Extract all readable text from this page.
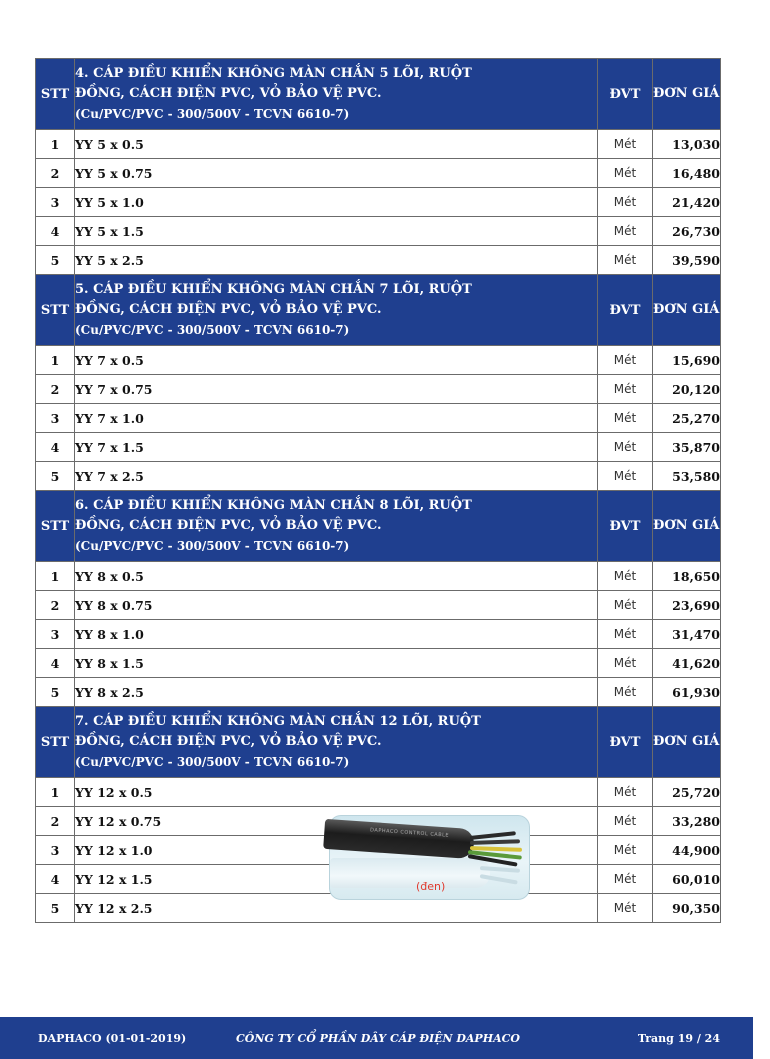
STT	4. CÁP ĐIỀU KHIỂN KHÔNG MÀN CHẮN 5 LÕI, RUỘT
ĐỒNG, CÁCH ĐIỆN PVC, VỎ BẢO VỆ PVC.
(Cu/PVC/PVC - 300/500V - TCVN 6610-7)	ĐVT	ĐƠN GIÁ (VNĐ)
1	YY 5 x 0.5	Mét	13,030
2	YY 5 x 0.75	Mét	16,480
3	YY 5 x 1.0	Mét	21,420
4	YY 5 x 1.5	Mét	26,730
5	YY 5 x 2.5	Mét	39,590
STT	5. CÁP ĐIỀU KHIỂN KHÔNG MÀN CHẮN 7 LÕI, RUỘT
ĐỒNG, CÁCH ĐIỆN PVC, VỎ BẢO VỆ PVC.
(Cu/PVC/PVC - 300/500V - TCVN 6610-7)	ĐVT	ĐƠN GIÁ (VNĐ)
1	YY 7 x 0.5	Mét	15,690
2	YY 7 x 0.75	Mét	20,120
3	YY 7 x 1.0	Mét	25,270
4	YY 7 x 1.5	Mét	35,870
5	YY 7 x 2.5	Mét	53,580
STT	6. CÁP ĐIỀU KHIỂN KHÔNG MÀN CHẮN 8 LÕI, RUỘT
ĐỒNG, CÁCH ĐIỆN PVC, VỎ BẢO VỆ PVC.
(Cu/PVC/PVC - 300/500V - TCVN 6610-7)	ĐVT	ĐƠN GIÁ (VNĐ)
1	YY 8 x 0.5	Mét	18,650
2	YY 8 x 0.75	Mét	23,690
3	YY 8 x 1.0	Mét	31,470
4	YY 8 x 1.5	Mét	41,620
5	YY 8 x 2.5	Mét	61,930
STT	7. CÁP ĐIỀU KHIỂN KHÔNG MÀN CHẮN 12 LÕI, RUỘT
ĐỒNG, CÁCH ĐIỆN PVC, VỎ BẢO VỆ PVC.
(Cu/PVC/PVC - 300/500V - TCVN 6610-7)	ĐVT	ĐƠN GIÁ (VNĐ)
1	YY 12 x 0.5	Mét	25,720
2	YY 12 x 0.75	Mét	33,280
3	YY 12 x 1.0	Mét	44,900
4	YY 12 x 1.5	Mét	60,010
5	YY 12 x 2.5	Mét	90,350
DAPHACO CONTROL CABLE
(đen)
DAPHACO (01-01-2019)	CÔNG TY CỔ PHẦN DÂY CÁP ĐIỆN DAPHACO	Trang 19 / 24
